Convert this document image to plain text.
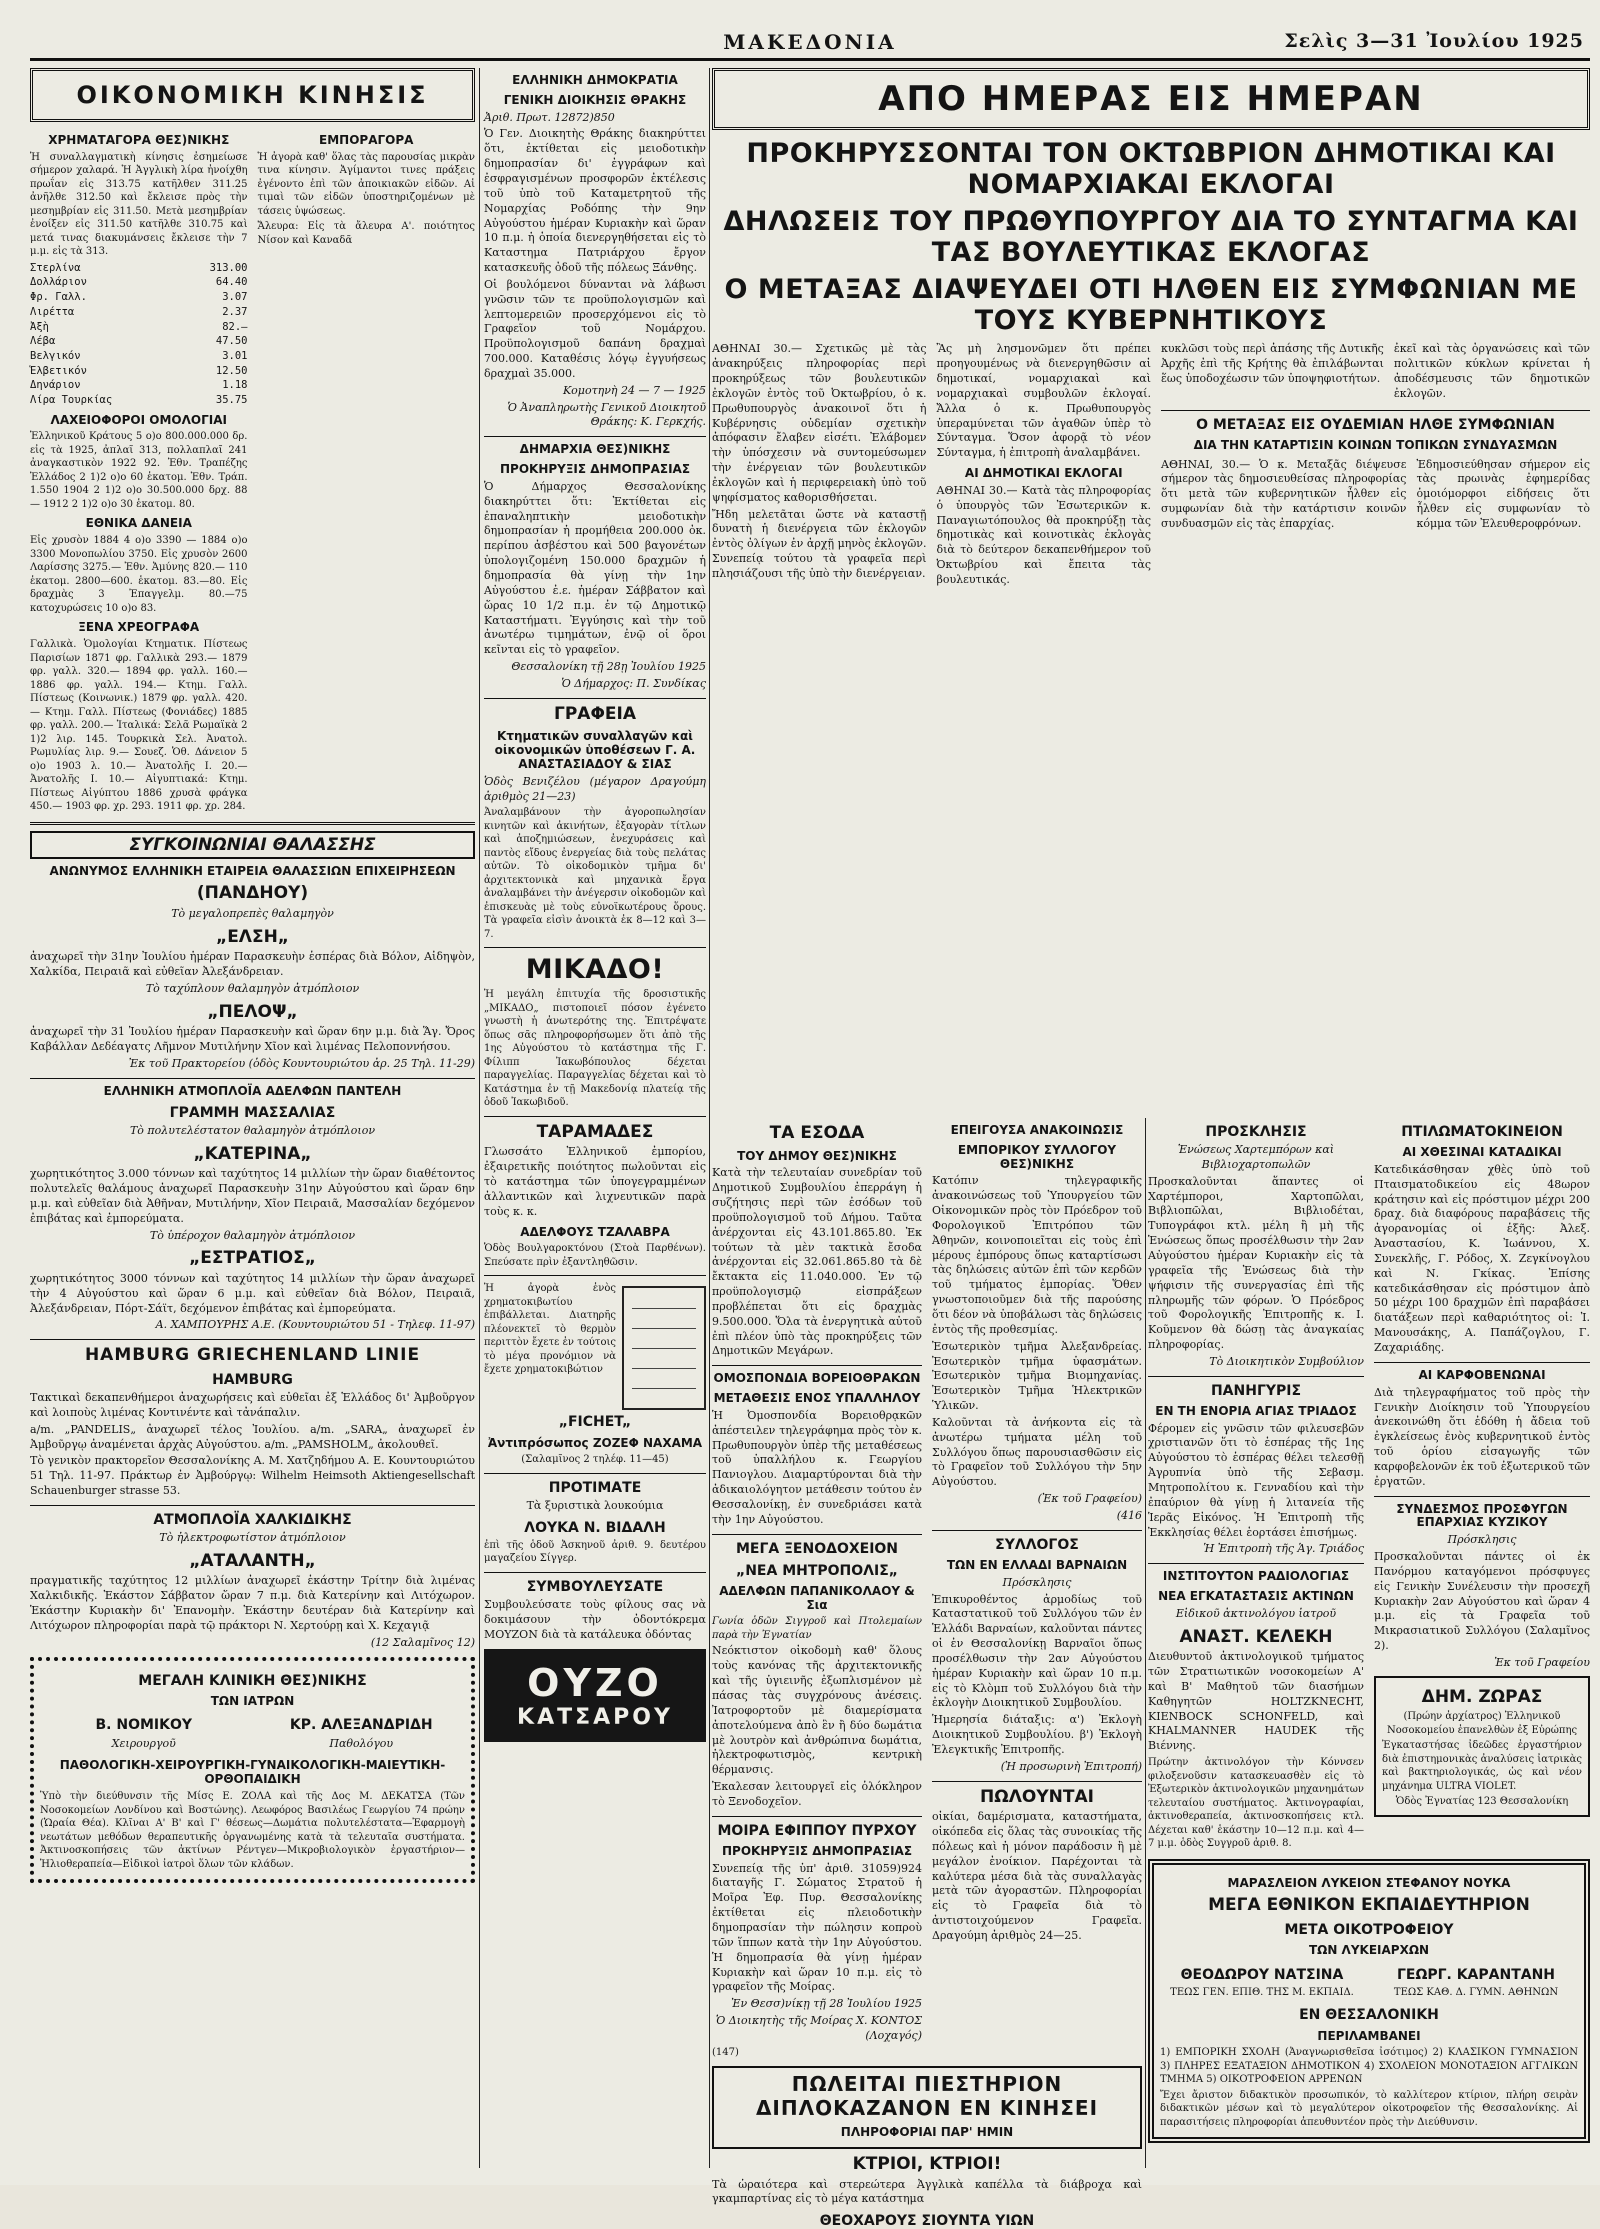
ΜΑΚΕΔΟΝΙΑ	Σελὶς 3—31 Ἰουλίου 1925
ΟΙΚΟΝΟΜΙΚΗ ΚΙΝΗΣΙΣ
ΧΡΗΜΑΤΑΓΟΡΑ ΘΕΣ)ΝΙΚΗΣ

Ἡ συναλλαγματικὴ κίνησις ἐσημείωσε σήμερον χαλαρά. Ἡ Ἀγγλικὴ λίρα ἠνοίχθη πρωΐαν εἰς 313.75 κατῆλθεν 311.25 ἀνῆλθε 312.50 καὶ ἔκλεισε πρὸς τὴν μεσημβρίαν εἰς 311.50. Μετὰ μεσημβρίαν ἐνοίξεν εἰς 311.50 κατῆλθε 310.75 καὶ μετά τινας διακυμάνσεις ἔκλεισε τὴν 7 μ.μ. εἰς τὰ 313.

Στερλίνα	313.00
Δολλάριον	64.40
Φρ. Γαλλ.	3.07
Λιρέττα	2.37
Ἀξὴ	82.—
Λέβα	47.50
Βελγικόν	3.01
Ἑλβετικόν	12.50
Δηνάριον	1.18
Λίρα Τουρκίας	35.75
ΛΑΧΕΙΟΦΟΡΟΙ ΟΜΟΛΟΓΙΑΙ

Ἑλληνικοῦ Κράτους 5 ο)ο 800.000.000 δρ. εἰς τὰ 1925, ἀπλαῖ 313, πολλαπλαῖ 241 ἀναγκαστικὸν 1922 92. Ἐθν. Τραπέζης Ἑλλάδος 2 1)2 ο)ο 60 ἑκατομ. Ἐθν. Τράπ. 1.550 1904 2 1)2 ο)ο 30.500.000 δρχ. 88 — 1912 2 1)2 ο)ο 30 ἑκατομ. 80.

ΕΘΝΙΚΑ ΔΑΝΕΙΑ

Εἰς χρυσὸν 1884 4 ο)ο 3390 — 1884 ο)ο 3300 Μονοπωλίου 3750. Εἰς χρυσὸν 2600 Λαρίσσης 3275.— Ἐθν. Ἀμύνης 820.— 110 ἑκατομ. 2800—600. ἑκατομ. 83.—80. Εἰς δραχμὰς 3 Ἐπαγγελμ. 80.—75 κατοχυρώσεις 10 ο)ο 83.

ΞΕΝΑ ΧΡΕΟΓΡΑΦΑ

Γαλλικὰ. Ὁμολογίαι Κτηματικ. Πίστεως Παρισίων 1871 φρ. Γαλλικὰ 293.— 1879 φρ. γαλλ. 320.— 1894 φρ. γαλλ. 160.— 1886 φρ. γαλλ. 194.— Κτημ. Γαλλ. Πίστεως (Κοινωνικ.) 1879 φρ. γαλλ. 420.— Κτημ. Γαλλ. Πίστεως (Φονιάδες) 1885 φρ. γαλλ. 200.— Ἰταλικά: Σελᾶ Ρωμαϊκὰ 2 1)2 λιρ. 145. Τουρκικὰ Σελ. Ἀνατολ. Ρωμυλίας λιρ. 9.— Σουεζ. Ὁθ. Δάνειον 5 ο)ο 1903 λ. 10.— Ἀνατολῆς Ι. 20.— Ἀνατολῆς Ι. 10.— Αἰγυπτιακά: Κτημ. Πίστεως Αἰγύπτου 1886 χρυσὰ φράγκα 450.— 1903 φρ. χρ. 293. 1911 φρ. χρ. 284.

ΕΜΠΟΡΑΓΟΡΑ

Ἡ ἀγορὰ καθ' ὅλας τὰς παρουσίας μικρὰν τινα κίνησιν. Ἀγίμαντοι τινες πράξεις ἐγένοντο ἐπὶ τῶν ἀποικιακῶν εἰδῶν. Αἱ τιμαὶ τῶν εἰδῶν ὑποστηριζομένων μὲ τάσεις ὑψώσεως.

Ἄλευρα: Εἰς τὰ ἄλευρα Α'. ποιότητος Νίσον καὶ Καναδᾶ

ΣΥΓΚΟΙΝΩΝΙΑΙ ΘΑΛΑΣΣΗΣ
ΑΝΩΝΥΜΟΣ ΕΛΛΗΝΙΚΗ ΕΤΑΙΡΕΙΑ ΘΑΛΑΣΣΙΩΝ ΕΠΙΧΕΙΡΗΣΕΩΝ
(ΠΑΝΔΗΟΥ)

Τὸ μεγαλοπρεπὲς θαλαμηγὸν

„ΕΛΣΗ„

ἀναχωρεῖ τὴν 31ην Ἰουλίου ἡμέραν Παρασκευὴν ἑσπέρας διὰ Βόλον, Αἰδηψὸν, Χαλκίδα, Πειραιᾶ καὶ εὐθεῖαν Ἀλεξάνδρειαν.

Τὸ ταχύπλουν θαλαμηγὸν ἀτμόπλοιον

„ΠΕΛΟΨ„

ἀναχωρεῖ τὴν 31 Ἰουλίου ἡμέραν Παρασκευὴν καὶ ὥραν 6ην μ.μ. διὰ Ἅγ. Ὄρος Καβάλλαν Δεδέαγατς Λῆμνον Μυτιλήνην Χῖον καὶ λιμένας Πελοποννήσου.

Ἐκ τοῦ Πρακτορείου (ὁδὸς Κουντουριώτου ἀρ. 25 Τηλ. 11-29)

ΕΛΛΗΝΙΚΗ ΑΤΜΟΠΛΟΪΑ ΑΔΕΛΦΩΝ ΠΑΝΤΕΛΗ
ΓΡΑΜΜΗ ΜΑΣΣΑΛΙΑΣ

Τὸ πολυτελέστατον θαλαμηγὸν ἀτμόπλοιον

„ΚΑΤΕΡΙΝΑ„

χωρητικότητος 3.000 τόννων καὶ ταχύτητος 14 μιλλίων τὴν ὥραν διαθέτοντος πολυτελεῖς θαλάμους ἀναχωρεῖ Παρασκευὴν 31ην Αὐγούστου καὶ ὥραν 6ην μ.μ. καὶ εὐθεῖαν διὰ Ἀθῆναν, Μυτιλήνην, Χῖον Πειραιᾶ, Μασσαλίαν δεχόμενον ἐπιβάτας καὶ ἐμπορεύματα.

Τὸ ὑπέροχον θαλαμηγὸν ἀτμόπλοιον

„ΕΣΤΡΑΤΙΟΣ„

χωρητικότητος 3000 τόννων καὶ ταχύτητος 14 μιλλίων τὴν ὥραν ἀναχωρεῖ τὴν 4 Αὐγούστου καὶ ὥραν 6 μ.μ. καὶ εὐθεῖαν διὰ Βόλον, Πειραιᾶ, Ἀλεξάνδρειαν, Πόρτ-Σάϊτ, δεχόμενον ἐπιβάτας καὶ ἐμπορεύματα.

Α. ΧΑΜΠΟΥΡΗΣ Α.Ε. (Κουντουριώτου 51 - Τηλεφ. 11-97)

HAMBURG GRIECHENLAND LINIE
HAMBURG

Τακτικαὶ δεκαπενθήμεροι ἀναχωρήσεις καὶ εὐθεῖαι ἐξ Ἑλλάδος δι' Ἀμβοῦργον καὶ λοιποὺς λιμένας Κοντινέντε καὶ τἀνάπαλιν.

a/m. „PANDELIS„ ἀναχωρεῖ τέλος Ἰουλίου. a/m. „SARA„ ἀναχωρεῖ ἐν Ἀμβοῦργῳ ἀναμένεται ἀρχὰς Αὐγούστου. a/m. „PAMSHOLM„ ἀκολουθεῖ.

Τὸ γενικὸν πρακτορεῖον Θεσσαλονίκης Α. Μ. Χατζηδήμου Α. Ε. Κουντουριώτου 51 Τηλ. 11-97. Πράκτωρ ἐν Ἀμβούργῳ: Wilhelm Heimsoth Aktiengesellschaft Schauenburger strasse 53.

ΑΤΜΟΠΛΟΪΑ ΧΑΛΚΙΔΙΚΗΣ

Τὸ ἠλεκτροφωτίστον ἀτμόπλοιον

„ΑΤΑΛΑΝΤΗ„

πραγματικῆς ταχύτητος 12 μιλλίων ἀναχωρεῖ ἑκάστην Τρίτην διὰ λιμένας Χαλκιδικῆς. Ἑκάστον Σάββατον ὥραν 7 π.μ. διὰ Κατερίνην καὶ Λιτόχωρον. Ἑκάστην Κυριακὴν δι' Ἐπανομὴν. Ἑκάστην δευτέραν διὰ Κατερίνην καὶ Λιτόχωρον πληροφορίαι παρὰ τῷ πράκτορι Ν. Χερτούρῃ καὶ Χ. Κεχαγιᾷ

(12 Σαλαμῖνος 12)

ΜΕΓΑΛΗ ΚΛΙΝΙΚΗ ΘΕΣ)ΝΙΚΗΣ
ΤΩΝ ΙΑΤΡΩΝ
Β. ΝΟΜΙΚΟΥ

Χειρουργοῦ

ΚΡ. ΑΛΕΞΑΝΔΡΙΔΗ

Παθολόγου

ΠΑΘΟΛΟΓΙΚΗ-ΧΕΙΡΟΥΡΓΙΚΗ-ΓΥΝΑΙΚΟΛΟΓΙΚΗ-ΜΑΙΕΥΤΙΚΗ-ΟΡΘΟΠΑΙΔΙΚΗ

Ὑπὸ τὴν διεύθυνσιν τῆς Μίσς Ε. ΖΟΛΑ καὶ τῆς Δος Μ. ΔΕΚΑΤΣΑ (Τῶν Νοσοκομείων Λονδίνου καὶ Βοστώνης). Λεωφόρος Βασιλέως Γεωργίου 74 πρώην (Ὡραία Θέα). Κλῖναι Α' Β' καὶ Γ' θέσεως—Δωμάτια πολυτελέστατα—Ἐφαρμογὴ νεωτάτων μεθόδων θεραπευτικῆς ὀργανωμένης κατὰ τὰ τελευταῖα συστήματα. Ἀκτινοσκοπήσεις τῶν ἀκτίνων Ρέντγεν—Μικροβιολογικὸν ἐργαστήριον—Ἡλιοθεραπεία—Εἰδικοὶ ἰατροὶ ὅλων τῶν κλάδων.

ΕΛΛΗΝΙΚΗ ΔΗΜΟΚΡΑΤΙΑ
ΓΕΝΙΚΗ ΔΙΟΙΚΗΣΙΣ ΘΡΑΚΗΣ

Ἀριθ. Πρωτ. 12872)850

Ὁ Γεν. Διοικητὴς Θράκης διακηρύττει ὅτι, ἐκτίθεται εἰς μειοδοτικὴν δημοπρασίαν δι' ἐγγράφων καὶ ἐσφραγισμένων προσφορῶν ἐκτέλεσις τοῦ ὑπὸ τοῦ Καταμετρητοῦ τῆς Νομαρχίας Ροδόπης τὴν 9ην Αὐγούστου ἡμέραν Κυριακὴν καὶ ὥραν 10 π.μ. ἡ ὁποία διενεργηθήσεται εἰς τὸ Καταστημα Πατριάρχου ἔργον κατασκευῆς ὀδοῦ τῆς πόλεως Ξάνθης.

Οἱ βουλόμενοι δύνανται νὰ λάβωσι γνῶσιν τῶν τε προϋπολογισμῶν καὶ λεπτομερειῶν προσερχόμενοι εἰς τὸ Γραφεῖον τοῦ Νομάρχου. Προϋπολογισμοῦ δαπάνη δραχμαὶ 700.000. Καταθέσις λόγῳ ἐγγυήσεως δραχμαὶ 35.000.

Κομοτηνὴ 24 — 7 — 1925

Ὁ Ἀναπληρωτὴς Γενικοῦ Διοικητοῦ Θράκης: Κ. Γερκχής.

ΔΗΜΑΡΧΙΑ ΘΕΣ)ΝΙΚΗΣ
ΠΡΟΚΗΡΥΞΙΣ ΔΗΜΟΠΡΑΣΙΑΣ

Ὁ Δήμαρχος Θεσσαλονίκης διακηρύττει ὅτι: Ἐκτίθεται εἰς ἐπαναληπτικὴν μειοδοτικὴν δημοπρασίαν ἡ προμήθεια 200.000 ὀκ. περίπου ἀσβέστου καὶ 500 βαγονέτων ὑπολογιζομένη 150.000 δραχμῶν ἡ δημοπρασία θὰ γίνῃ τὴν 1ην Αὐγούστου ἐ.ε. ἡμέραν Σάββατον καὶ ὥρας 10 1/2 π.μ. ἐν τῷ Δημοτικῷ Καταστήματι. Ἐγγύησις καὶ τὴν τοῦ ἀνωτέρω τιμημάτων, ἐνῷ οἱ ὅροι κεῖνται εἰς τὸ γραφεῖον.

Θεσσαλονίκη τῇ 28ῃ Ἰουλίου 1925

Ὁ Δήμαρχος: Π. Συνδίκας

ΓΡΑΦΕΙΑ
Κτηματικῶν συναλλαγῶν καὶ οἰκονομικῶν ὑποθέσεων Γ. Α. ΑΝΑΣΤΑΣΙΑΔΟΥ & ΣΙΑΣ

Ὁδὸς Βενιζέλου (μέγαρον Δραγούμη ἀριθμὸς 21—23)

Ἀναλαμβάνουν τὴν ἀγοροπωλησίαν κινητῶν καὶ ἀκινήτων, ἐξαγορὰν τίτλων καὶ ἀποζημιώσεων, ἐνεχυράσεις καὶ παντὸς εἴδους ἐνεργείας διὰ τοὺς πελάτας αὐτῶν. Τὸ οἰκοδομικὸν τμῆμα δι' ἀρχιτεκτονικὰ καὶ μηχανικὰ ἔργα ἀναλαμβάνει τὴν ἀνέγερσιν οἰκοδομῶν καὶ ἐπισκευὰς μὲ τοὺς εὐνοϊκωτέρους ὅρους. Τὰ γραφεῖα εἰσὶν ἀνοικτὰ ἐκ 8—12 καὶ 3—7.

ΜΙΚΑΔΟ!

Ἡ μεγάλη ἐπιτυχία τῆς δροσιστικῆς „ΜΙΚΑΔΟ„ πιστοποιεῖ πόσον ἐγένετο γνωστὴ ἡ ἀνωτερότης της. Ἐπιτρέψατε ὅπως σᾶς πληροφορήσωμεν ὅτι ἀπὸ τῆς 1ης Αὐγούστου τὸ κατάστημα τῆς Γ. Φίλιππ Ἰακωβόπουλος δέχεται παραγγελίας. Παραγγελίας δέχεται καὶ τὸ Κατάστημα ἐν τῇ Μακεδονίᾳ πλατείᾳ τῆς ὁδοῦ Ἰακωβιδοῦ.

ΤΑΡΑΜΑΔΕΣ

Γλωσσάτο Ἑλληνικοῦ ἐμπορίου, ἐξαιρετικῆς ποιότητος πωλοῦνται εἰς τὸ κατάστημα τῶν ὑπογεγραμμένων ἀλλαντικῶν καὶ λιχνευτικῶν παρὰ τοὺς κ. κ.

ΑΔΕΛΦΟΥΣ ΤΖΑΛΑΒΡΑ

Ὁδὸς Βουλγαροκτόνου (Στοὰ Παρθένων). Σπεύσατε πρὶν ἐξαντληθῶσιν.

Ἡ ἀγορὰ ἑνὸς χρηματοκιβωτίου ἐπιβάλλεται. Διατηρῆς πλέονεκτεῖ τὸ θερμὸν περιττὸν ἔχετε ἐν τούτοις τὸ μέγα προνόμιον νὰ ἔχετε χρηματοκιβώτιον

„FICHET„
Ἀντιπρόσωπος ΖΟΖΕΦ ΝΑΧΑΜΑ

(Σαλαμῖνος 2 τηλέφ. 11—45)

ΠΡΟΤΙΜΑΤΕ

Τὰ ξυριστικὰ λουκούμια

ΛΟΥΚΑ Ν. ΒΙΔΑΛΗ

ἐπὶ τῆς ὁδοῦ Ἀσκηνοῦ ἀριθ. 9. δευτέρου μαγαζείου Σίγγερ.

ΣΥΜΒΟΥΛΕΥΣΑΤΕ

Συμβουλεύσατε τοὺς φίλους σας νὰ δοκιμάσουν τὴν ὀδοντόκρεμα ΜΟΥΖΟΝ διὰ τὰ κατάλευκα ὀδόντας

ΟΥΖΟ
ΚΑΤΣΑΡΟΥ
ΑΠΟ ΗΜΕΡΑΣ ΕΙΣ ΗΜΕΡΑΝ
ΠΡΟΚΗΡΥΣΣΟΝΤΑΙ ΤΟΝ ΟΚΤΩΒΡΙΟΝ ΔΗΜΟΤΙΚΑΙ ΚΑΙ ΝΟΜΑΡΧΙΑΚΑΙ ΕΚΛΟΓΑΙ
ΔΗΛΩΣΕΙΣ ΤΟΥ ΠΡΩΘΥΠΟΥΡΓΟΥ ΔΙΑ ΤΟ ΣΥΝΤΑΓΜΑ ΚΑΙ ΤΑΣ ΒΟΥΛΕΥΤΙΚΑΣ ΕΚΛΟΓΑΣ
Ο ΜΕΤΑΞΑΣ ΔΙΑΨΕΥΔΕΙ ΟΤΙ ΗΛΘΕΝ ΕΙΣ ΣΥΜΦΩΝΙΑΝ ΜΕ ΤΟΥΣ ΚΥΒΕΡΝΗΤΙΚΟΥΣ

ΑΘΗΝΑΙ 30.— Σχετικῶς μὲ τὰς ἀνακηρύξεις πληροφορίας περὶ προκηρύξεως τῶν βουλευτικῶν ἐκλογῶν ἐντὸς τοῦ Ὀκτωβρίου, ὁ κ. Πρωθυπουργὸς ἀνακοινοῖ ὅτι ἡ Κυβέρνησις οὐδεμίαν σχετικὴν ἀπόφασιν ἔλαβεν εἰσέτι. Ἐλάβομεν τὴν ὑπόσχεσιν νὰ συντομεύσωμεν τὴν ἐνέργειαν τῶν βουλευτικῶν ἐκλογῶν καὶ ἡ περιφερειακὴ ὑπὸ τοῦ ψηφίσματος καθορισθήσεται.

Ἤδη μελετᾶται ὥστε νὰ καταστῇ δυνατὴ ἡ διενέργεια τῶν ἐκλογῶν ἐντὸς ὀλίγων ἐν ἀρχῇ μηνὸς ἐκλογῶν. Συνεπείᾳ τούτου τὰ γραφεῖα περὶ πλησιάζουσι τῆς ὑπὸ τὴν διενέργειαν.

Ἂς μὴ λησμονῶμεν ὅτι πρέπει προηγουμένως νὰ διενεργηθῶσιν αἱ δημοτικαί, νομαρχιακαὶ καὶ νομαρχιακαὶ συμβουλῶν ἐκλογαί. Ἄλλα ὁ κ. Πρωθυπουργὸς ὑπεραμύνεται τῶν ἀγαθῶν ὑπὲρ τὸ Σύνταγμα. Ὅσον ἀφορᾷ τὸ νέον Σύνταγμα, ἡ ἐπιτροπὴ ἀναλαμβάνει.

ΑΙ ΔΗΜΟΤΙΚΑΙ ΕΚΛΟΓΑΙ

ΑΘΗΝΑΙ 30.— Κατὰ τὰς πληροφορίας ὁ ὑπουργὸς τῶν Ἐσωτερικῶν κ. Παναγιωτόπουλος θὰ προκηρύξῃ τὰς δημοτικὰς καὶ κοινοτικὰς ἐκλογὰς διὰ τὸ δεύτερον δεκαπενθήμερον τοῦ Ὀκτωβρίου καὶ ἔπειτα τὰς βουλευτικάς.

κυκλῶσι τοὺς περὶ ἀπάσης τῆς Δυτικῆς Ἀρχῆς ἐπὶ τῆς Κρήτης θὰ ἐπιλάβωνται ἕως ὑποδοχέωσιν τῶν ὑποψηφιοτήτων.

ἐκεῖ καὶ τὰς ὀργανώσεις καὶ τῶν πολιτικῶν κύκλων κρίνεται ἡ ἀποδέσμευσις τῶν δημοτικῶν ἐκλογῶν.

Ο ΜΕΤΑΞΑΣ ΕΙΣ ΟΥΔΕΜΙΑΝ ΗΛΘΕ ΣΥΜΦΩΝΙΑΝ
ΔΙΑ ΤΗΝ ΚΑΤΑΡΤΙΣΙΝ ΚΟΙΝΩΝ ΤΟΠΙΚΩΝ ΣΥΝΔΥΑΣΜΩΝ

ΑΘΗΝΑΙ, 30.— Ὁ κ. Μεταξᾶς διέψευσε σήμερον τὰς δημοσιευθείσας πληροφορίας ὅτι μετὰ τῶν κυβερνητικῶν ἦλθεν εἰς συμφωνίαν διὰ τὴν κατάρτισιν κοινῶν συνδυασμῶν εἰς τὰς ἐπαρχίας.

Ἐδημοσιεύθησαν σήμερον εἰς τὰς πρωινὰς ἐφημερίδας ὁμοιόμορφοι εἰδήσεις ὅτι ἦλθεν εἰς συμφωνίαν τὸ κόμμα τῶν Ἐλευθεροφρόνων.

ΤΑ ΕΣΟΔΑ
ΤΟΥ ΔΗΜΟΥ ΘΕΣ)ΝΙΚΗΣ

Κατὰ τὴν τελευταίαν συνεδρίαν τοῦ Δημοτικοῦ Συμβουλίου ἐπερράγη ἡ συζήτησις περὶ τῶν ἐσόδων τοῦ προϋπολογισμοῦ τοῦ Δήμου. Ταῦτα ἀνέρχονται εἰς 43.101.865.80. Ἐκ τούτων τὰ μὲν τακτικὰ ἔσοδα ἀνέρχονται εἰς 32.061.865.80 τὰ δὲ ἔκτακτα εἰς 11.040.000. Ἐν τῷ προϋπολογισμῷ εἰσπράξεων προβλέπεται ὅτι εἰς δραχμὰς 9.500.000. Ὅλα τὰ ἐνεργητικὰ αὐτοῦ ἐπὶ πλέον ὑπὸ τὰς προκηρύξεις τῶν Δημοτικῶν Μεγάρων.

ΟΜΟΣΠΟΝΔΙΑ ΒΟΡΕΙΟΘΡΑΚΩΝ
ΜΕΤΑΘΕΣΙΣ ΕΝΟΣ ΥΠΑΛΛΗΛΟΥ

Ἡ Ὀμοσπονδία Βορειοθρᾳκῶν ἀπέστειλεν τηλεγράφημα πρὸς τὸν κ. Πρωθυπουργὸν ὑπὲρ τῆς μεταθέσεως τοῦ ὑπαλλήλου κ. Γεωργίου Πανιογλου. Διαμαρτύρονται διὰ τὴν ἀδικαιολόγητον μετάθεσιν τούτου ἐν Θεσσαλονίκῃ, ἐν συνεδριάσει κατὰ τὴν 1ην Αὐγούστου.

ΜΕΓΑ ΞΕΝΟΔΟΧΕΙΟΝ
„ΝΕΑ ΜΗΤΡΟΠΟΛΙΣ„
ΑΔΕΛΦΩΝ ΠΑΠΑΝΙΚΟΛΑΟΥ & Σια

Γωνία ὁδῶν Σιγγροῦ καὶ Πτολεμαίων παρὰ τὴν Ἐγνατίαν

Νεόκτιστον οἰκοδομὴ καθ' ὅλους τοὺς κανόνας τῆς ἀρχιτεκτονικῆς καὶ τῆς ὑγιεινῆς ἐξωπλισμένον μὲ πάσας τὰς συγχρόνους ἀνέσεις. Ἰατροφορτοῦν μὲ διαμερίσματα ἀποτελούμενα ἀπὸ ἓν ἢ δύο δωμάτια μὲ λουτρὸν καὶ ἀνθρώπινα δωμάτια, ἡλεκτροφωτισμὸς, κεντρικὴ θέρμανσις.

Ἐκαλεσαν λειτουργεῖ εἰς ὁλόκληρον τὸ Ξενοδοχεῖον.

ΜΟΙΡΑ ΕΦΙΠΠΟΥ ΠΥΡΧΟΥ
ΠΡΟΚΗΡΥΞΙΣ ΔΗΜΟΠΡΑΣΙΑΣ

Συνεπείᾳ τῆς ὑπ' ἀριθ. 31059)924 διαταγῆς Γ. Σώματος Στρατοῦ ἡ Μοῖρα Ἐφ. Πυρ. Θεσσαλονίκης ἐκτίθεται εἰς πλειοδοτικὴν δημοπρασίαν τὴν πώλησιν κοπροὺ τῶν ἵππων κατὰ τὴν 1ην Αὐγούστου. Ἡ δημοπρασία θὰ γίνῃ ἡμέραν Κυριακὴν καὶ ὥραν 10 π.μ. εἰς τὸ γραφεῖον τῆς Μοίρας.

Ἐν Θεσσ)νίκῃ τῇ 28 Ἰουλίου 1925

Ὁ Διοικητὴς τῆς Μοίρας Χ. ΚΟΝΤΟΣ (Λοχαγός)

(147)

ΕΠΕΙΓΟΥΣΑ ΑΝΑΚΟΙΝΩΣΙΣ
ΕΜΠΟΡΙΚΟΥ ΣΥΛΛΟΓΟΥ ΘΕΣ)ΝΙΚΗΣ

Κατόπιν τηλεγραφικῆς ἀνακοινώσεως τοῦ Ὑπουργείου τῶν Οἰκονομικῶν πρὸς τὸν Πρόεδρον τοῦ Φορολογικοῦ Ἐπιτρόπου τῶν Ἀθηνῶν, κοινοποιεῖται εἰς τοὺς ἐπὶ μέρους ἐμπόρους ὅπως καταρτίσωσι τὰς δηλώσεις αὐτῶν ἐπὶ τῶν κερδῶν τοῦ τμήματος ἐμπορίας. Ὅθεν γνωστοποιοῦμεν διὰ τῆς παρούσης ὅτι δέον νὰ ὑποβάλωσι τὰς δηλώσεις ἐντὸς τῆς προθεσμίας.

Ἐσωτερικὸν τμῆμα Ἀλεξανδρείας. Ἐσωτερικὸν τμῆμα ὑφασμάτων. Ἐσωτερικὸν τμῆμα Βιομηχανίας. Ἐσωτερικὸν Τμῆμα Ἡλεκτρικῶν Ὑλικῶν.

Καλοῦνται τὰ ἀνήκοντα εἰς τὰ ἀνωτέρω τμήματα μέλη τοῦ Συλλόγου ὅπως παρουσιασθῶσιν εἰς τὸ Γραφεῖον τοῦ Συλλόγου τὴν 5ην Αὐγούστου.

(Ἐκ τοῦ Γραφείου)

(416

ΣΥΛΛΟΓΟΣ
ΤΩΝ ΕΝ ΕΛΛΑΔΙ ΒΑΡΝΑΙΩΝ

Πρόσκλησις

Ἐπικυροθέντος ἀρμοδίως τοῦ Καταστατικοῦ τοῦ Συλλόγου τῶν ἐν Ἑλλάδι Βαρναίων, καλοῦνται πάντες οἱ ἐν Θεσσαλονίκῃ Βαρναῖοι ὅπως προσέλθωσιν τὴν 2αν Αὐγούστου ἡμέραν Κυριακὴν καὶ ὥραν 10 π.μ. εἰς τὸ Κλὸμπ τοῦ Συλλόγου διὰ τὴν ἐκλογὴν Διοικητικοῦ Συμβουλίου.

Ἡμερησία διάταξις: α') Ἐκλογὴ Διοικητικοῦ Συμβουλίου. β') Ἐκλογὴ Ἐλεγκτικῆς Ἐπιτροπῆς.

(Ἡ προσωρινὴ Ἐπιτροπή)

ΠΩΛΟΥΝΤΑΙ

οἰκίαι, δαμέρισματα, καταστήματα, οἰκόπεδα εἰς ὅλας τὰς συνοικίας τῆς πόλεως καὶ ἡ μόνον παράδοσιν ἢ μὲ μεγάλον ἐνοίκιον. Παρέχονται τὰ καλύτερα μέσα διὰ τὰς συναλλαγὰς μετὰ τῶν ἀγοραστῶν. Πληροφορίαι εἰς τὸ Γραφεῖα διὰ τὸ ἀντιστοιχούμενον Γραφεῖα. Δραγούμη ἀριθμὸς 24—25.

ΠΩΛΕΙΤΑΙ ΠΙΕΣΤΗΡΙΟΝ
ΔΙΠΛΟΚΑΖΑΝΟΝ ΕΝ ΚΙΝΗΣΕΙ
ΠΛΗΡΟΦΟΡΙΑΙ ΠΑΡ' ΗΜΙΝ
ΚΤΡΙΟΙ, ΚΤΡΙΟΙ!

Τὰ ὡραιότερα καὶ στερεώτερα Ἀγγλικὰ καπέλλα τὰ διάβροχα καὶ γκαμπαρτίνας εἰς τὸ μέγα κατάστημα

ΘΕΟΧΑΡΟΥΣ ΣΙΟΥΝΤΑ ΥΙΩΝ
ΠΡΟΣΚΛΗΣΙΣ

Ἑνώσεως Χαρτεμπόρων καὶ Βιβλιοχαρτοπωλῶν

Προσκαλοῦνται ἅπαντες οἱ Χαρτέμποροι, Χαρτοπῶλαι, Βιβλιοπῶλαι, Βιβλιοδέται, Τυπογράφοι κτλ. μέλη ἢ μὴ τῆς Ἑνώσεως ὅπως προσέλθωσιν τὴν 2αν Αὐγούστου ἡμέραν Κυριακὴν εἰς τὰ γραφεῖα τῆς Ἑνώσεως διὰ τὴν ψήφισιν τῆς συνεργασίας ἐπὶ τῆς πληρωμῆς τῶν φόρων. Ὁ Πρόεδρος τοῦ Φορολογικῆς Ἐπιτροπῆς κ. Ι. Κοῦμενον θὰ δώσῃ τὰς ἀναγκαίας πληροφορίας.

Τὸ Διοικητικὸν Συμβούλιον

ΠΑΝΗΓΥΡΙΣ
ΕΝ ΤΗ ΕΝΟΡΙΑ ΑΓΙΑΣ ΤΡΙΑΔΟΣ

Φέρομεν εἰς γνῶσιν τῶν φιλευσεβῶν χριστιανῶν ὅτι τὸ ἑσπέρας τῆς 1ης Αὐγούστου τὸ ἑσπέρας θέλει τελεσθῇ Ἀγρυπνία ὑπὸ τῆς Σεβασμ. Μητροπολίτου κ. Γενναδίου καὶ τὴν ἐπαύριον θὰ γίνῃ ἡ λιτανεία τῆς Ἱερᾶς Εἰκόνος. Ἡ Ἐπιτροπὴ τῆς Ἐκκλησίας θέλει ἑορτάσει ἐπισήμως.

Ἡ Ἐπιτροπὴ τῆς Ἁγ. Τριάδος

ΙΝΣΤΙΤΟΥΤΟΝ ΡΑΔΙΟΛΟΓΙΑΣ
ΝΕΑ ΕΓΚΑΤΑΣΤΑΣΙΣ ΑΚΤΙΝΩΝ

Εἰδικοῦ ἀκτινολόγου ἰατροῦ

ΑΝΑΣΤ. ΚΕΛΕΚΗ

Διευθυντοῦ ἀκτινολογικοῦ τμήματος τῶν Στρατιωτικῶν νοσοκομείων Α' καὶ Β' Μαθητοῦ τῶν διασήμων Καθηγητῶν HOLTZKNECHT, KIENBOCK SCHONFELD, καὶ KHALMANNER HAUDEK τῆς Βιέννης.

Πρώτην ἀκτινολόγον τὴν Κόννσεν φιλοξενοῦσιν κατασκευασθὲν εἰς τὸ Ἐξωτερικὸν ἀκτινολογικῶν μηχανημάτων τελευταίου συστήματος. Ἀκτινογραφίαι, ἀκτινοθεραπεία, ἀκτινοσκοπήσεις κτλ. Δέχεται καθ' ἑκάστην 10—12 π.μ. καὶ 4—7 μ.μ. ὁδὸς Συγγροῦ ἀριθ. 8.

ΠΤΙΛΩΜΑΤΟΚΙΝΕΙΟΝ
ΑΙ ΧΘΕΣΙΝΑΙ ΚΑΤΑΔΙΚΑΙ

Κατεδικάσθησαν χθὲς ὑπὸ τοῦ Πταισματοδικείου εἰς 48ωρον κράτησιν καὶ εἰς πρόστιμον μέχρι 200 δραχ. διὰ διαφόρους παραβάσεις τῆς ἀγορανομίας οἱ ἑξῆς: Ἀλεξ. Ἀναστασίου, Κ. Ἰωάννου, Χ. Συνεκλῆς, Γ. Ρόδος, Χ. Ζεγκίνογλου καὶ Ν. Γκίκας. Ἐπίσης κατεδικάσθησαν εἰς πρόστιμον ἀπὸ 50 μέχρι 100 δραχμῶν ἐπὶ παραβάσει διατάξεων περὶ καθαριότητος οἱ: Ἰ. Μανουσάκης, Α. Παπάζογλου, Γ. Ζαχαριάδης.

ΑΙ ΚΑΡΦΟΒΕΝΩΝΑΙ

Διὰ τηλεγραφήματος τοῦ πρὸς τὴν Γενικὴν Διοίκησιν τοῦ Ὑπουργείου ἀνεκοινώθη ὅτι ἐδόθη ἡ ἄδεια τοῦ ἐγκλείσεως ἐνὸς κυβερνητικοῦ ἐντὸς τοῦ ὁρίου εἰσαγωγῆς τῶν καρφοβελονῶν ἐκ τοῦ ἐξωτερικοῦ τῶν ἐργατῶν.

ΣΥΝΔΕΣΜΟΣ ΠΡΟΣΦΥΓΩΝ ΕΠΑΡΧΙΑΣ ΚΥΖΙΚΟΥ

Πρόσκλησις

Προσκαλοῦνται πάντες οἱ ἐκ Πανόρμου καταγόμενοι πρόσφυγες εἰς Γενικὴν Συνέλευσιν τὴν προσεχῆ Κυριακὴν 2αν Αὐγούστου καὶ ὥραν 4 μ.μ. εἰς τὰ Γραφεῖα τοῦ Μικρασιατικοῦ Συλλόγου (Σαλαμῖνος 2).

Ἐκ τοῦ Γραφείου

ΔΗΜ. ΖΩΡΑΣ

(Πρώην ἀρχίατρος) Ἐλληνικοῦ Νοσοκομείου ἐπανελθὼν ἐξ Εὐρώπης

Ἐγκαταστήσας ἰδεῶδες ἐργαστήριον διὰ ἐπιστημονικὰς ἀναλύσεις ἰατρικὰς καὶ βακτηριολογικάς, ὡς καὶ νέον μηχάνημα ULTRA VIOLET.

Ὁδὸς Ἐγνατίας 123 Θεσσαλονίκη

ΜΑΡΑΣΛΕΙΟΝ ΛΥΚΕΙΟΝ ΣΤΕΦΑΝΟΥ ΝΟΥΚΑ
ΜΕΓΑ ΕΘΝΙΚΟΝ ΕΚΠΑΙΔΕΥΤΗΡΙΟΝ
ΜΕΤΑ ΟΙΚΟΤΡΟΦΕΙΟΥ
ΤΩΝ ΛΥΚΕΙΑΡΧΩΝ
ΘΕΟΔΩΡΟΥ ΝΑΤΣΙΝΑ

ΤΕΩΣ ΓΕΝ. ΕΠΙΘ. ΤΗΣ Μ. ΕΚΠΑΙΔ.

ΓΕΩΡΓ. ΚΑΡΑΝΤΑΝΗ

ΤΕΩΣ ΚΑΘ. Δ. ΓΥΜΝ. ΑΘΗΝΩΝ

ΕΝ ΘΕΣΣΑΛΟΝΙΚΗ
ΠΕΡΙΛΑΜΒΑΝΕΙ

1) ΕΜΠΟΡΙΚΗ ΣΧΟΛΗ (Ἀναγνωρισθεῖσα ἰσότιμος) 2) ΚΛΑΣΙΚΟΝ ΓΥΜΝΑΣΙΟΝ 3) ΠΛΗΡΕΣ ΕΞΑΤΑΞΙΟΝ ΔΗΜΟΤΙΚΟΝ 4) ΣΧΟΛΕΙΟΝ ΜΟΝΟΤΑΞΙΟΝ ΑΓΓΛΙΚΩΝ ΤΜΗΜΑ 5) ΟΙΚΟΤΡΟΦΕΙΟΝ ΑΡΡΕΝΩΝ

Ἔχει ἄριστον διδακτικὸν προσωπικόν, τὸ καλλίτερον κτίριον, πλήρη σειρὰν διδακτικῶν μέσων καὶ τὸ μεγαλύτερον οἰκοτροφεῖον τῆς Θεσσαλονίκης. Αἱ παρασιτήσεις πληροφορίαι ἀπευθυντέον πρὸς τὴν Διεύθυνσιν.
